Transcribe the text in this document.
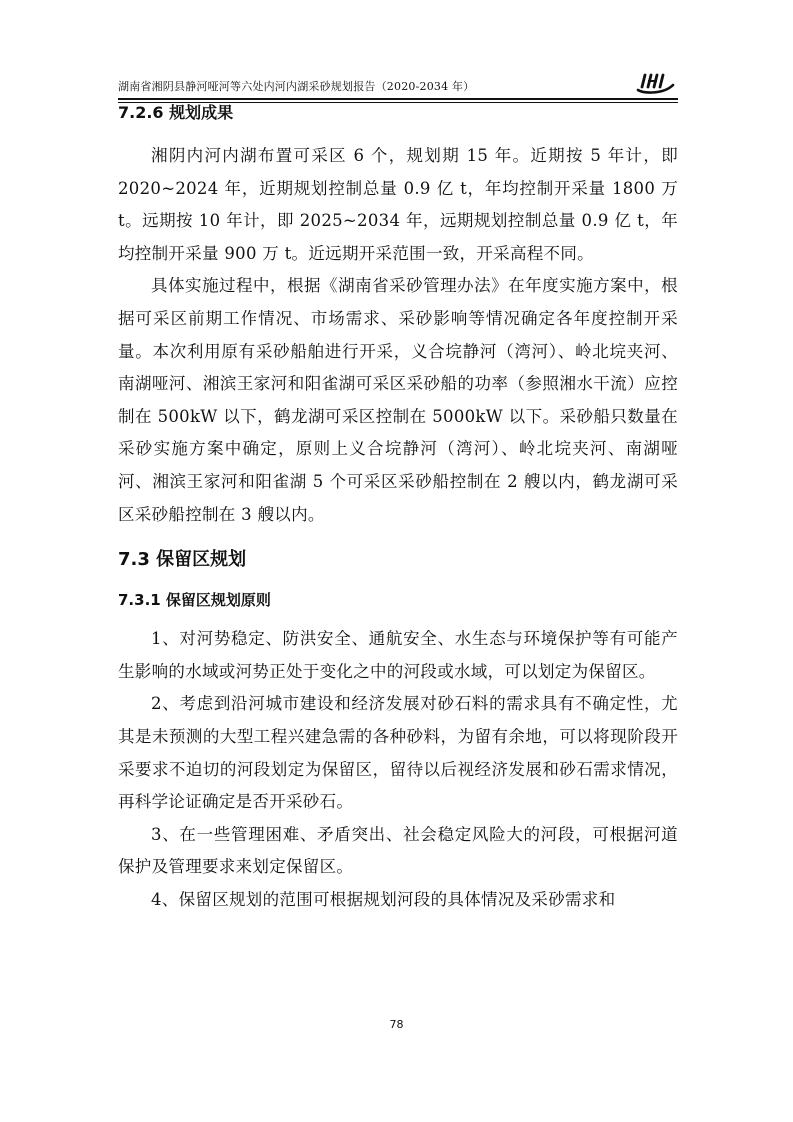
湖南省湘阴县静河哑河等六处内河内湖采砂规划报告（2020-2034 年）
7.2.6 规划成果

湘阴内河内湖布置可采区 6 个，规划期 15 年。近期按 5 年计，即 2020~2024 年，近期规划控制总量 0.9 亿 t，年均控制开采量 1800 万 t。远期按 10 年计，即 2025~2034 年，远期规划控制总量 0.9 亿 t，年均控制开采量 900 万 t。近远期开采范围一致，开采高程不同。

具体实施过程中，根据《湖南省采砂管理办法》在年度实施方案中，根据可采区前期工作情况、市场需求、采砂影响等情况确定各年度控制开采量。本次利用原有采砂船舶进行开采，义合垸静河（湾河）、岭北垸夹河、南湖哑河、湘滨王家河和阳雀湖可采区采砂船的功率（参照湘水干流）应控制在 500kW 以下，鹤龙湖可采区控制在 5000kW 以下。采砂船只数量在采砂实施方案中确定，原则上义合垸静河（湾河）、岭北垸夹河、南湖哑河、湘滨王家河和阳雀湖 5 个可采区采砂船控制在 2 艘以内，鹤龙湖可采区采砂船控制在 3 艘以内。

7.3 保留区规划
7.3.1 保留区规划原则

1、对河势稳定、防洪安全、通航安全、水生态与环境保护等有可能产生影响的水域或河势正处于变化之中的河段或水域，可以划定为保留区。

2、考虑到沿河城市建设和经济发展对砂石料的需求具有不确定性，尤其是未预测的大型工程兴建急需的各种砂料，为留有余地，可以将现阶段开采要求不迫切的河段划定为保留区，留待以后视经济发展和砂石需求情况，再科学论证确定是否开采砂石。

3、在一些管理困难、矛盾突出、社会稳定风险大的河段，可根据河道保护及管理要求来划定保留区。

4、保留区规划的范围可根据规划河段的具体情况及采砂需求和

78
